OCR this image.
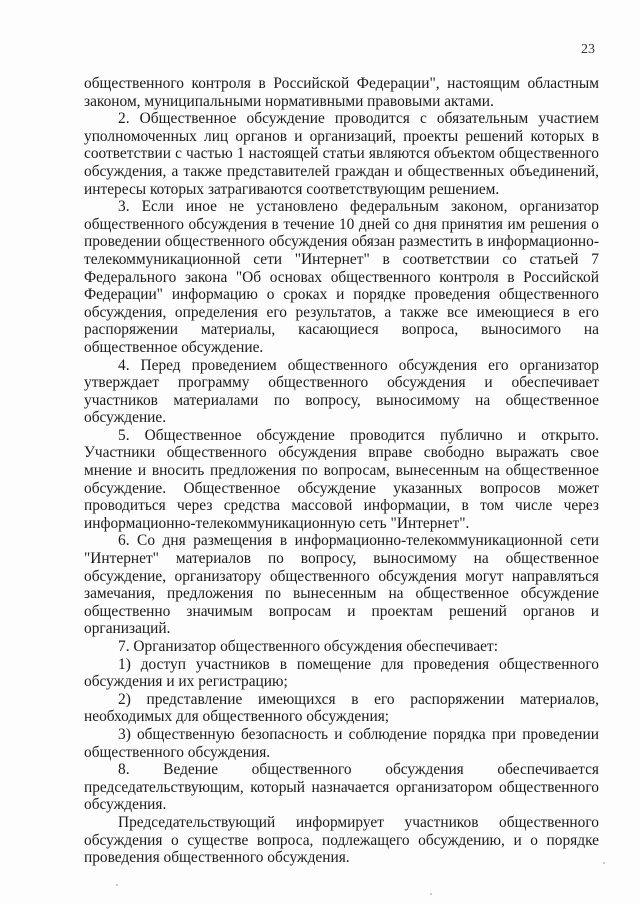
23

общественного контроля в Российской Федерации", настоящим областным законом, муниципальными нормативными правовыми актами.

2. Общественное обсуждение проводится с обязательным участием уполномоченных лиц органов и организаций, проекты решений которых в соответствии с частью 1 настоящей статьи являются объектом общественного обсуждения, а также представителей граждан и общественных объединений, интересы которых затрагиваются соответствующим решением.

3. Если иное не установлено федеральным законом, организатор общественного обсуждения в течение 10 дней со дня принятия им решения о проведении общественного обсуждения обязан разместить в информационно-телекоммуникационной сети "Интернет" в соответствии со статьей 7 Федерального закона "Об основах общественного контроля в Российской Федерации" информацию о сроках и порядке проведения общественного обсуждения, определения его результатов, а также все имеющиеся в его распоряжении материалы, касающиеся вопроса, выносимого на общественное обсуждение.

4. Перед проведением общественного обсуждения его организатор утверждает программу общественного обсуждения и обеспечивает участников материалами по вопросу, выносимому на общественное обсуждение.

5. Общественное обсуждение проводится публично и открыто. Участники общественного обсуждения вправе свободно выражать свое мнение и вносить предложения по вопросам, вынесенным на общественное обсуждение. Общественное обсуждение указанных вопросов может проводиться через средства массовой информации, в том числе через информационно-телекоммуникационную сеть "Интернет".

6. Со дня размещения в информационно-телекоммуникационной сети "Интернет" материалов по вопросу, выносимому на общественное обсуждение, организатору общественного обсуждения могут направляться замечания, предложения по вынесенным на общественное обсуждение общественно значимым вопросам и проектам решений органов и организаций.

7. Организатор общественного обсуждения обеспечивает:

1) доступ участников в помещение для проведения общественного обсуждения и их регистрацию;

2) представление имеющихся в его распоряжении материалов, необходимых для общественного обсуждения;

3) общественную безопасность и соблюдение порядка при проведении общественного обсуждения.

8. Ведение общественного обсуждения обеспечивается председательствующим, который назначается организатором общественного обсуждения.

Председательствующий информирует участников общественного обсуждения о существе вопроса, подлежащего обсуждению, и о порядке проведения общественного обсуждения.
